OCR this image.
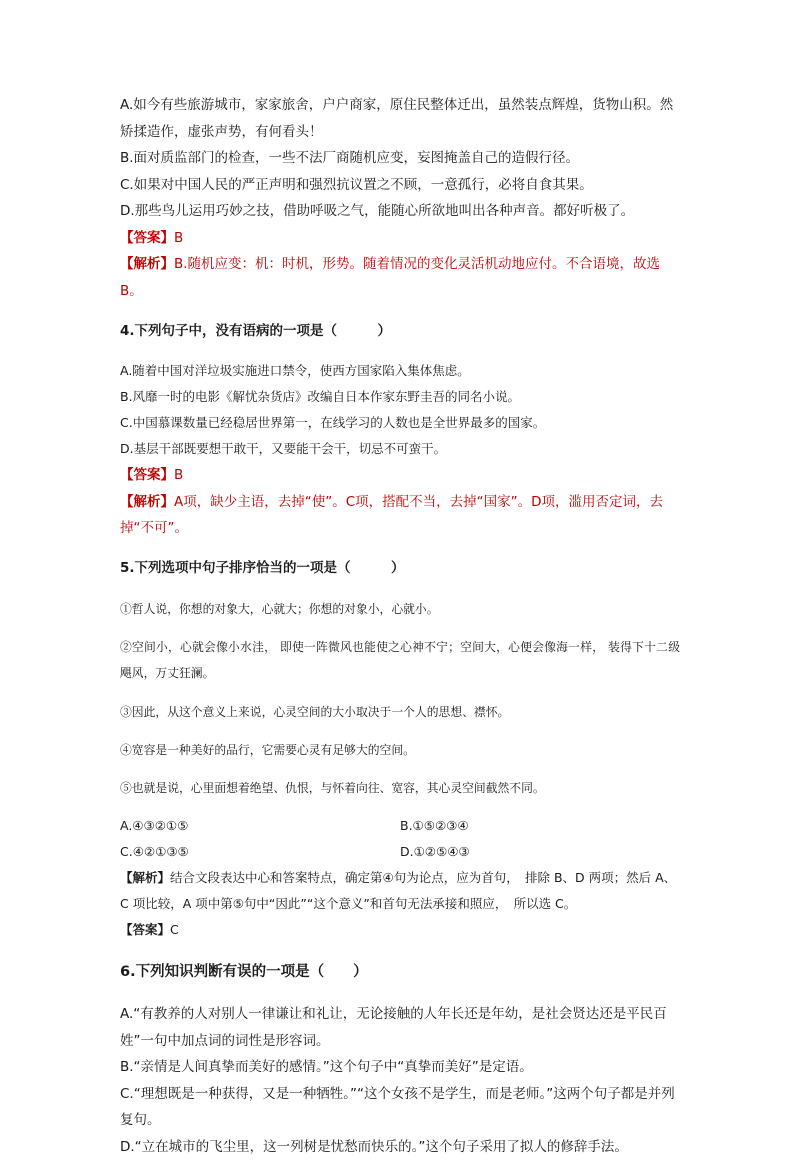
A.如今有些旅游城市，家家旅舍，户户商家，原住民整体迁出，虽然装点辉煌，货物山积。然矫揉造作，虚张声势，有何看头！

B.面对质监部门的检查，一些不法厂商随机应变，妄图掩盖自己的造假行径。

C.如果对中国人民的严正声明和强烈抗议置之不顾，一意孤行，必将自食其果。

D.那些鸟儿运用巧妙之技，借助呼吸之气，能随心所欲地叫出各种声音。都好听极了。

【答案】B

【解析】B.随机应变：机：时机，形势。随着情况的变化灵活机动地应付。不合语境，故选B。

4.下列句子中，没有语病的一项是（　　　）

A.随着中国对洋垃圾实施进口禁令，使西方国家陷入集体焦虑。

B.风靡一时的电影《解忧杂货店》改编自日本作家东野圭吾的同名小说。

C.中国慕课数量已经稳居世界第一，在线学习的人数也是全世界最多的国家。

D.基层干部既要想干敢干，又要能干会干，切忌不可蛮干。

【答案】B

【解析】A项，缺少主语，去掉“使”。C项，搭配不当，去掉“国家”。D项，滥用否定词，去掉“不可”。

5.下列选项中句子排序恰当的一项是（　　　）

①哲人说，你想的对象大，心就大；你想的对象小，心就小。

②空间小，心就会像小水洼， 即使一阵微风也能使之心神不宁；空间大，心便会像海一样， 装得下十二级飓风，万丈狂澜。

③因此，从这个意义上来说，心灵空间的大小取决于一个人的思想、襟怀。

④宽容是一种美好的品行，它需要心灵有足够大的空间。

⑤也就是说，心里面想着绝望、仇恨，与怀着向往、宽容，其心灵空间截然不同。

A.④③②①⑤	B.①⑤②③④
C.④②①③⑤	D.①②⑤④③

【解析】结合文段表达中心和答案特点，确定第④句为论点，应为首句，　排除 B、D 两项；然后 A、C 项比较，A 项中第⑤句中“因此”“这个意义”和首句无法承接和照应，　所以选 C。

【答案】C

6.下列知识判断有误的一项是（　　）

A.“有教养的人对别人一律谦让和礼让，无论接触的人年长还是年幼，是社会贤达还是平民百姓”一句中加点词的词性是形容词。

B.“亲情是人间真挚而美好的感情。”这个句子中“真挚而美好”是定语。

C.“理想既是一种获得，又是一种牺牲。”“这个女孩不是学生，而是老师。”这两个句子都是并列复句。

D.“立在城市的飞尘里，这一列树是忧愁而快乐的。”这个句子采用了拟人的修辞手法。
